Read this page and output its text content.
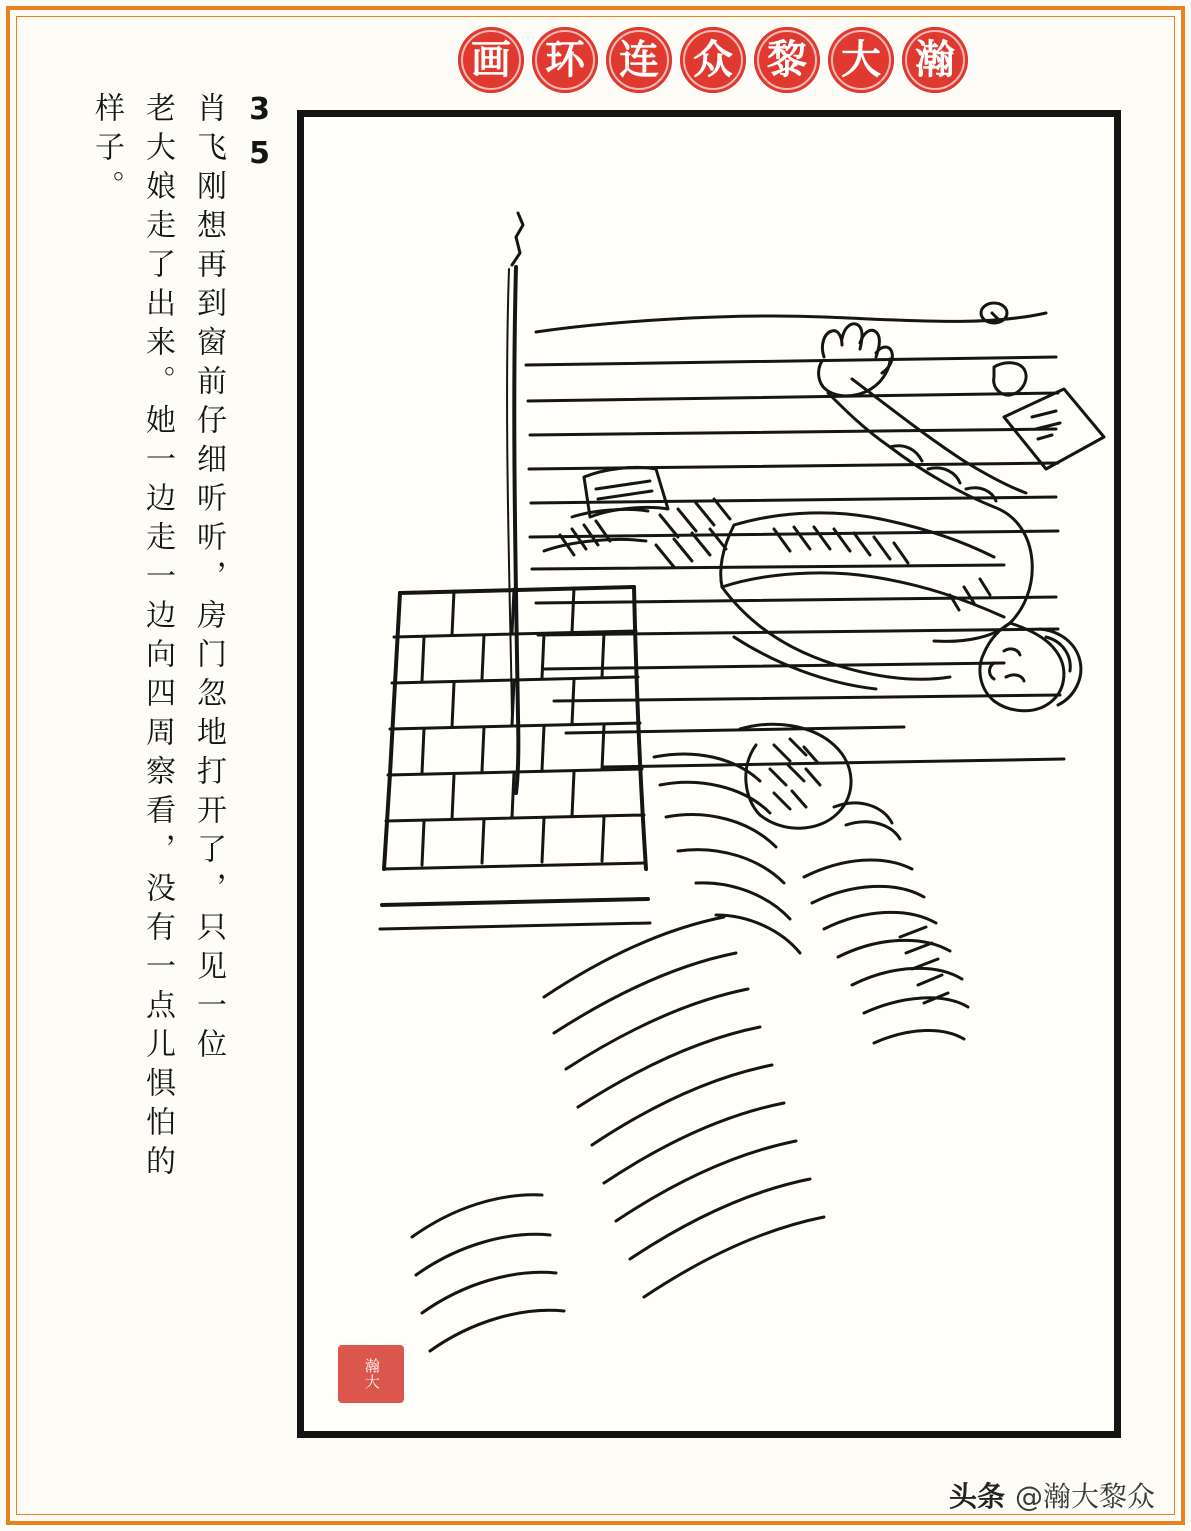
瀚
大
黎
众
连
环
画
35
肖飞刚想再到窗前仔细听听，房门忽地打开了，只见一位
老大娘走了出来。她一边走一边向四周察看，没有一点儿惧怕的
样子。
瀚大
头条 @瀚大黎众
